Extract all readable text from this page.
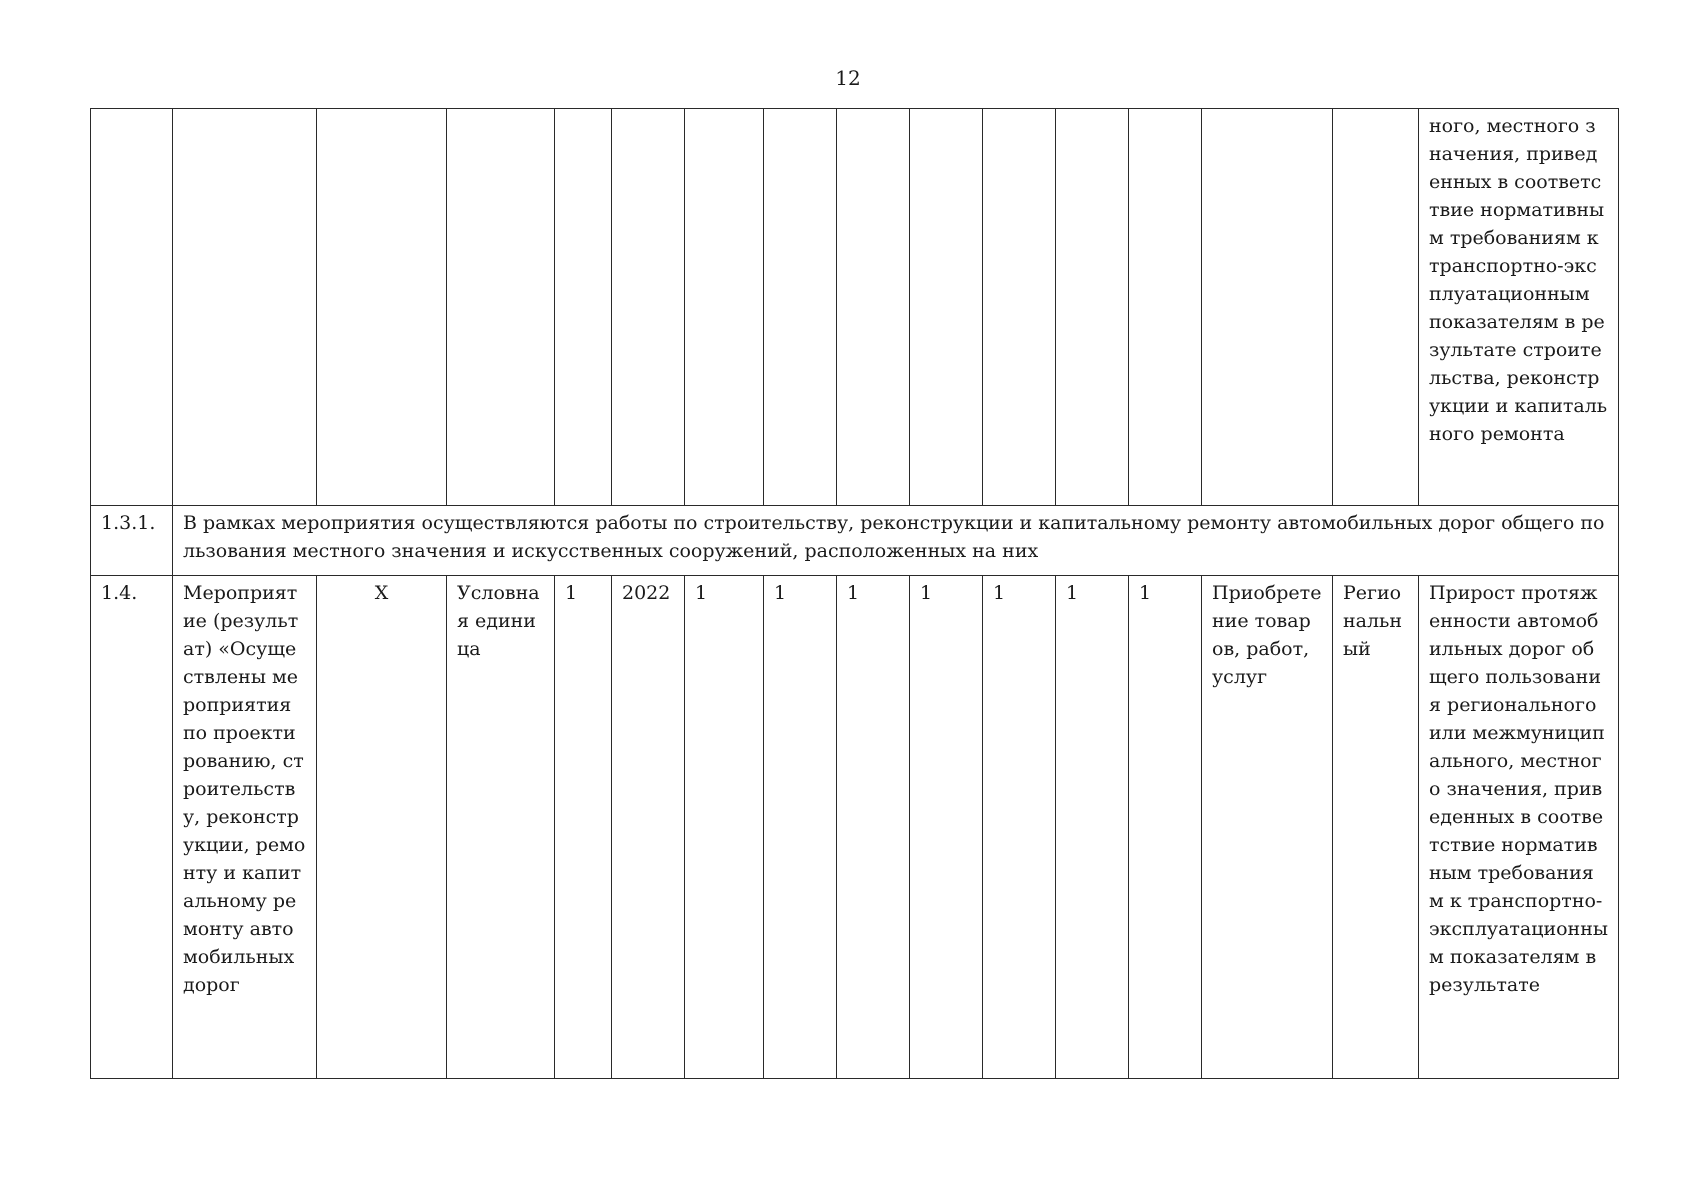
12
															ного, местного значения, приведенных в соответствие нормативным требованиям к транспортно-эксплуатационным показателям в результате строительства, реконструкции и капитального ремонта
1.3.1.	В рамках мероприятия осуществляются работы по строительству, реконструкции и капитальному ремонту автомобильных дорог общего пользования местного значения и искусственных сооружений, расположенных на них														
1.4.	Мероприятие (результат) «Осуществлены мероприятия по проектированию, строительству, реконструкции, ремонту и капитальному ремонту автомобильных дорог	X	Условная единица	1	2022	1	1	1	1	1	1	1	Приобретение товаров, работ, услуг	Региональный	Прирост протяженности автомобильных дорог общего пользования регионального или межмуниципального, местного значения, приведенных в соответствие нормативным требованиям к транспортно-эксплуатационным показателям в результате
